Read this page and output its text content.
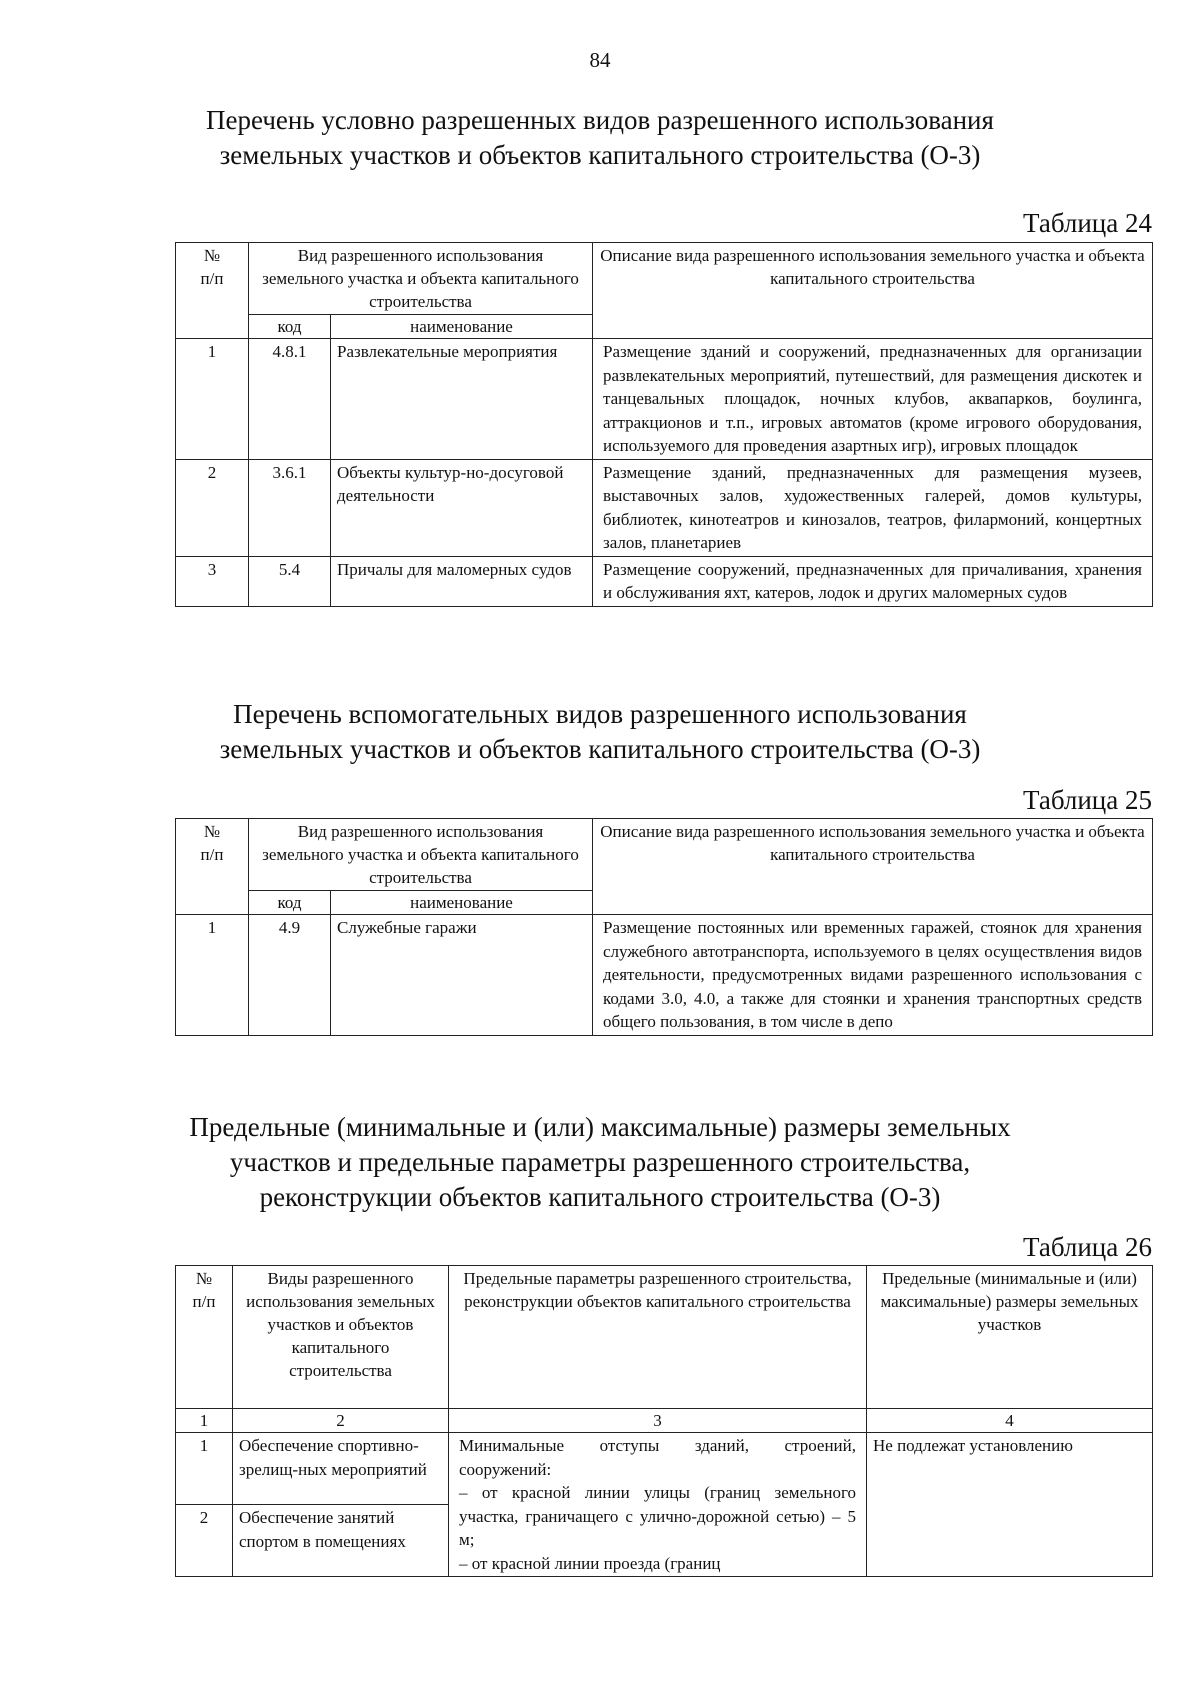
84
Перечень условно разрешенных видов разрешенного использования
земельных участков и объектов капитального строительства (О-3)
Таблица 24
№
п/п	Вид разрешенного использования земельного участка и объекта капитального строительства		Описание вида разрешенного использования земельного участка и объекта капитального строительства
	код	наименование	
1	4.8.1	Развлекательные мероприятия	Размещение зданий и сооружений, предназначенных для организации развлекательных мероприятий, путешествий, для размещения дискотек и танцевальных площадок, ночных клубов, аквапарков, боулинга, аттракционов и т.п., игровых автоматов (кроме игрового оборудования, используемого для проведения азартных игр), игровых площадок
2	3.6.1	Объекты культур-но-досуговой деятельности	Размещение зданий, предназначенных для размещения музеев, выставочных залов, художественных галерей, домов культуры, библиотек, кинотеатров и кинозалов, театров, филармоний, концертных залов, планетариев
3	5.4	Причалы для маломерных судов	Размещение сооружений, предназначенных для причаливания, хранения и обслуживания яхт, катеров, лодок и других маломерных судов
Перечень вспомогательных видов разрешенного использования
земельных участков и объектов капитального строительства (О-3)
Таблица 25
№
п/п	Вид разрешенного использования земельного участка и объекта капитального строительства		Описание вида разрешенного использования земельного участка и объекта капитального строительства
	код	наименование	
1	4.9	Служебные гаражи	Размещение постоянных или временных гаражей, стоянок для хранения служебного автотранспорта, используемого в целях осуществления видов деятельности, предусмотренных видами разрешенного использования с кодами 3.0, 4.0, а также для стоянки и хранения транспортных средств общего пользования, в том числе в депо
Предельные (минимальные и (или) максимальные) размеры земельных
участков и предельные параметры разрешенного строительства,
реконструкции объектов капитального строительства (О-3)
Таблица 26
№
п/п	Виды разрешенного использования земельных участков и объектов капитального строительства	Предельные параметры разрешенного строительства, реконструкции объектов капитального строительства	Предельные (минимальные и (или) максимальные) размеры земельных участков
1	2	3	4
1	Обеспечение спортивно-зрелищ-ных мероприятий	Минимальные отступы зданий, строений, сооружений:
– от красной линии улицы (границ земельного участка, граничащего с улично-дорожной сетью) – 5 м;
– от красной линии проезда (границ	Не подлежат установлению
2	Обеспечение занятий спортом в помещениях		
